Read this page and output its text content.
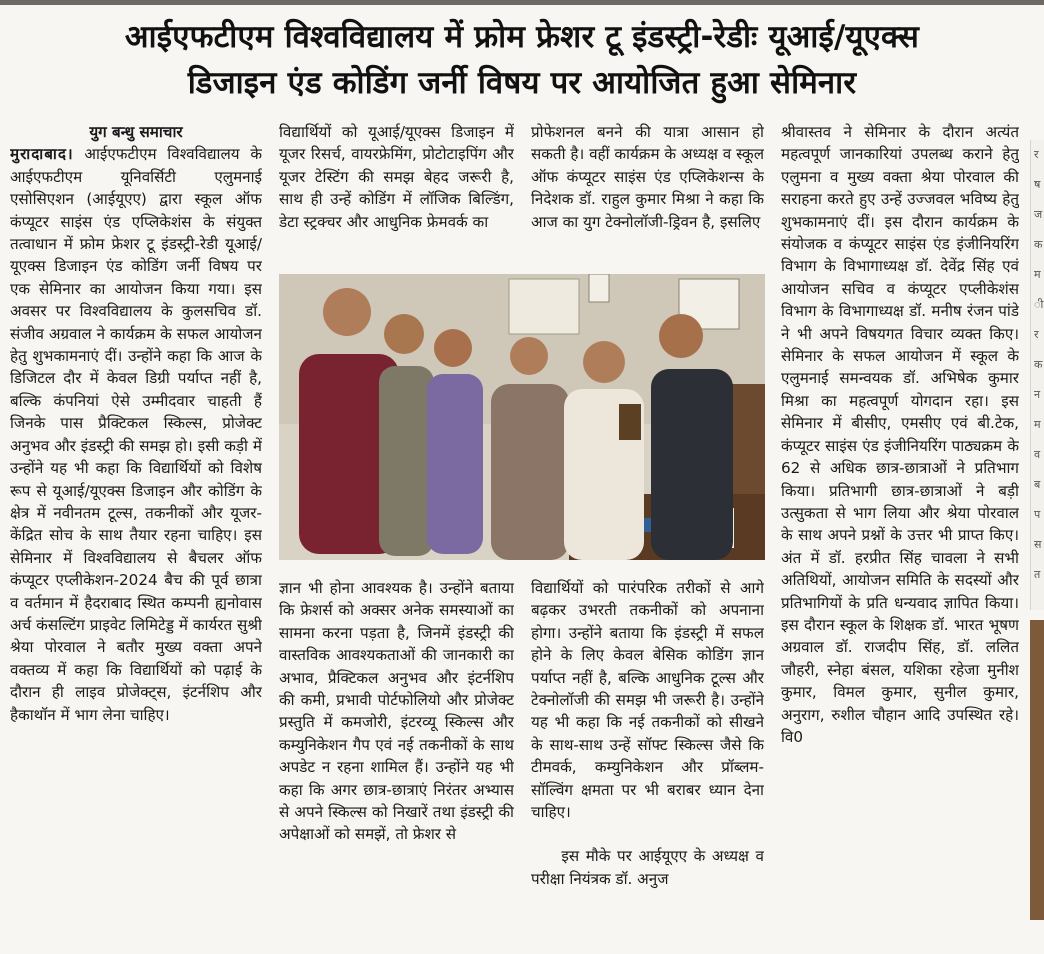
आईएफटीएम विश्वविद्यालय में फ्रोम फ्रेशर टू इंडस्ट्री-रेडीः यूआई/यूएक्स
डिजाइन एंड कोडिंग जर्नी विषय पर आयोजित हुआ सेमिनार
युग बन्धु समाचार

मुरादाबाद। आईएफटीएम विश्वविद्यालय के आईएफटीएम यूनिवर्सिटी एलुमनाई एसोसिएशन (आईयूएए) द्वारा स्कूल ऑफ कंप्यूटर साइंस एंड एप्लिकेशंस के संयुक्त तत्वाधान में फ्रोम फ्रेशर टू इंडस्ट्री-रेडी यूआई/यूएक्स डिजाइन एंड कोडिंग जर्नी विषय पर एक सेमिनार का आयोजन किया गया। इस अवसर पर विश्वविद्यालय के कुलसचिव डॉ. संजीव अग्रवाल ने कार्यक्रम के सफल आयोजन हेतु शुभकामनाएं दीं। उन्होंने कहा कि आज के डिजिटल दौर में केवल डिग्री पर्याप्त नहीं है, बल्कि कंपनियां ऐसे उम्मीदवार चाहती हैं जिनके पास प्रैक्टिकल स्किल्स, प्रोजेक्ट अनुभव और इंडस्ट्री की समझ हो। इसी कड़ी में उन्होंने यह भी कहा कि विद्यार्थियों को विशेष रूप से यूआई/यूएक्स डिजाइन और कोडिंग के क्षेत्र में नवीनतम टूल्स, तकनीकों और यूजर-केंद्रित सोच के साथ तैयार रहना चाहिए। इस सेमिनार में विश्वविद्यालय से बैचलर ऑफ कंप्यूटर एप्लीकेशन-2024 बैच की पूर्व छात्रा व वर्तमान में हैदराबाद स्थित कम्पनी ह्यनोवास अर्च कंसल्टिंग प्राइवेट लिमिटेड्ड में कार्यरत सुश्री श्रेया पोरवाल ने बतौर मुख्य वक्ता अपने वक्तव्य में कहा कि विद्यार्थियों को पढ़ाई के दौरान ही लाइव प्रोजेक्ट्स, इंटर्नशिप और हैकाथॉन में भाग लेना चाहिए।

विद्यार्थियों को यूआई/यूएक्स डिजाइन में यूजर रिसर्च, वायरफ्रेमिंग, प्रोटोटाइपिंग और यूजर टेस्टिंग की समझ बेहद जरूरी है, साथ ही उन्हें कोडिंग में लॉजिक बिल्डिंग, डेटा स्ट्रक्चर और आधुनिक फ्रेमवर्क का

प्रोफेशनल बनने की यात्रा आसान हो सकती है। वहीं कार्यक्रम के अध्यक्ष व स्कूल ऑफ कंप्यूटर साइंस एंड एप्लिकेशन्स के निदेशक डॉ. राहुल कुमार मिश्रा ने कहा कि आज का युग टेक्नोलॉजी-ड्रिवन है, इसलिए

ज्ञान भी होना आवश्यक है। उन्होंने बताया कि फ्रेशर्स को अक्सर अनेक समस्याओं का सामना करना पड़ता है, जिनमें इंडस्ट्री की वास्तविक आवश्यकताओं की जानकारी का अभाव, प्रैक्टिकल अनुभव और इंटर्नशिप की कमी, प्रभावी पोर्टफोलियो और प्रोजेक्ट प्रस्तुति में कमजोरी, इंटरव्यू स्किल्स और कम्युनिकेशन गैप एवं नई तकनीकों के साथ अपडेट न रहना शामिल हैं। उन्होंने यह भी कहा कि अगर छात्र-छात्राएं निरंतर अभ्यास से अपने स्किल्स को निखारें तथा इंडस्ट्री की अपेक्षाओं को समझें, तो फ्रेशर से

विद्यार्थियों को पारंपरिक तरीकों से आगे बढ़कर उभरती तकनीकों को अपनाना होगा। उन्होंने बताया कि इंडस्ट्री में सफल होने के लिए केवल बेसिक कोडिंग ज्ञान पर्याप्त नहीं है, बल्कि आधुनिक टूल्स और टेक्नोलॉजी की समझ भी जरूरी है। उन्होंने यह भी कहा कि नई तकनीकों को सीखने के साथ-साथ उन्हें सॉफ्ट स्किल्स जैसे कि टीमवर्क, कम्युनिकेशन और प्रॉब्लम-सॉल्विंग क्षमता पर भी बराबर ध्यान देना चाहिए।

इस मौके पर आईयूएए के अध्यक्ष व परीक्षा नियंत्रक डॉ. अनुज

श्रीवास्तव ने सेमिनार के दौरान अत्यंत महत्वपूर्ण जानकारियां उपलब्ध कराने हेतु एलुमना व मुख्य वक्ता श्रेया पोरवाल की सराहना करते हुए उन्हें उज्जवल भविष्य हेतु शुभकामनाएं दीं। इस दौरान कार्यक्रम के संयोजक व कंप्यूटर साइंस एंड इंजीनियरिंग विभाग के विभागाध्यक्ष डॉ. देवेंद्र सिंह एवं आयोजन सचिव व कंप्यूटर एप्लीकेशंस विभाग के विभागाध्यक्ष डॉ. मनीष रंजन पांडे ने भी अपने विषयगत विचार व्यक्त किए। सेमिनार के सफल आयोजन में स्कूल के एलुमनाई समन्वयक डॉ. अभिषेक कुमार मिश्रा का महत्वपूर्ण योगदान रहा। इस सेमिनार में बीसीए, एमसीए एवं बी.टेक, कंप्यूटर साइंस एंड इंजीनियरिंग पाठ्यक्रम के 62 से अधिक छात्र-छात्राओं ने प्रतिभाग किया। प्रतिभागी छात्र-छात्राओं ने बड़ी उत्सुकता से भाग लिया और श्रेया पोरवाल के साथ अपने प्रश्नों के उत्तर भी प्राप्त किए। अंत में डॉ. हरप्रीत सिंह चावला ने सभी अतिथियों, आयोजन समिति के सदस्यों और प्रतिभागियों के प्रति धन्यवाद ज्ञापित किया। इस दौरान स्कूल के शिक्षक डॉ. भारत भूषण अग्रवाल डॉ. राजदीप सिंह, डॉ. ललित जौहरी, स्नेहा बंसल, यशिका रहेजा मुनीश कुमार, विमल कुमार, सुनील कुमार, अनुराग, रुशील चौहान आदि उपस्थित रहे। वि0

र
ष
ज
क
म
ी
र
क
न
म
व
ब
प
स
त
